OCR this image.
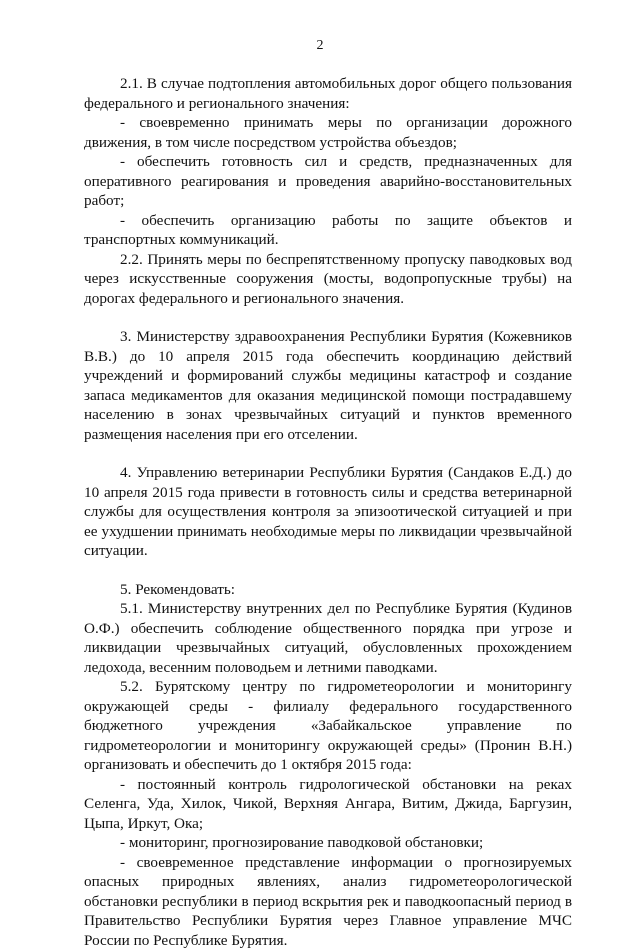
2

2.1. В случае подтопления автомобильных дорог общего пользования федерального и регионального значения:

- своевременно принимать меры по организации дорожного движения, в том числе посредством устройства объездов;

- обеспечить готовность сил и средств, предназначенных для оперативного реагирования и проведения аварийно-восстановительных работ;

- обеспечить организацию работы по защите объектов и транспортных коммуникаций.

2.2. Принять меры по беспрепятственному пропуску паводковых вод через искусственные сооружения (мосты, водопропускные трубы) на дорогах федерального и регионального значения.

3. Министерству здравоохранения Республики Бурятия (Кожевников В.В.) до 10 апреля 2015 года обеспечить координацию действий учреждений и формирований службы медицины катастроф и создание запаса медикаментов для оказания медицинской помощи пострадавшему населению в зонах чрезвычайных ситуаций и пунктов временного размещения населения при его отселении.

4. Управлению ветеринарии Республики Бурятия (Сандаков Е.Д.) до 10 апреля 2015 года привести в готовность силы и средства ветеринарной службы для осуществления контроля за эпизоотической ситуацией и при ее ухудшении принимать необходимые меры по ликвидации чрезвычайной ситуации.

5. Рекомендовать:

5.1. Министерству внутренних дел по Республике Бурятия (Кудинов О.Ф.) обеспечить соблюдение общественного порядка при угрозе и ликвидации чрезвычайных ситуаций, обусловленных прохождением ледохода, весенним половодьем и летними паводками.

5.2. Бурятскому центру по гидрометеорологии и мониторингу окружающей среды - филиалу федерального государственного бюджетного учреждения «Забайкальское управление по гидрометеорологии и мониторингу окружающей среды» (Пронин В.Н.) организовать и обеспечить до 1 октября 2015 года:

- постоянный контроль гидрологической обстановки на реках Селенга, Уда, Хилок, Чикой, Верхняя Ангара, Витим, Джида, Баргузин, Цыпа, Иркут, Ока;

- мониторинг, прогнозирование паводковой обстановки;

- своевременное представление информации о прогнозируемых опасных природных явлениях, анализ гидрометеорологической обстановки республики в период вскрытия рек и паводкоопасный период в Правительство Республики Бурятия через Главное управление МЧС России по Республике Бурятия.
